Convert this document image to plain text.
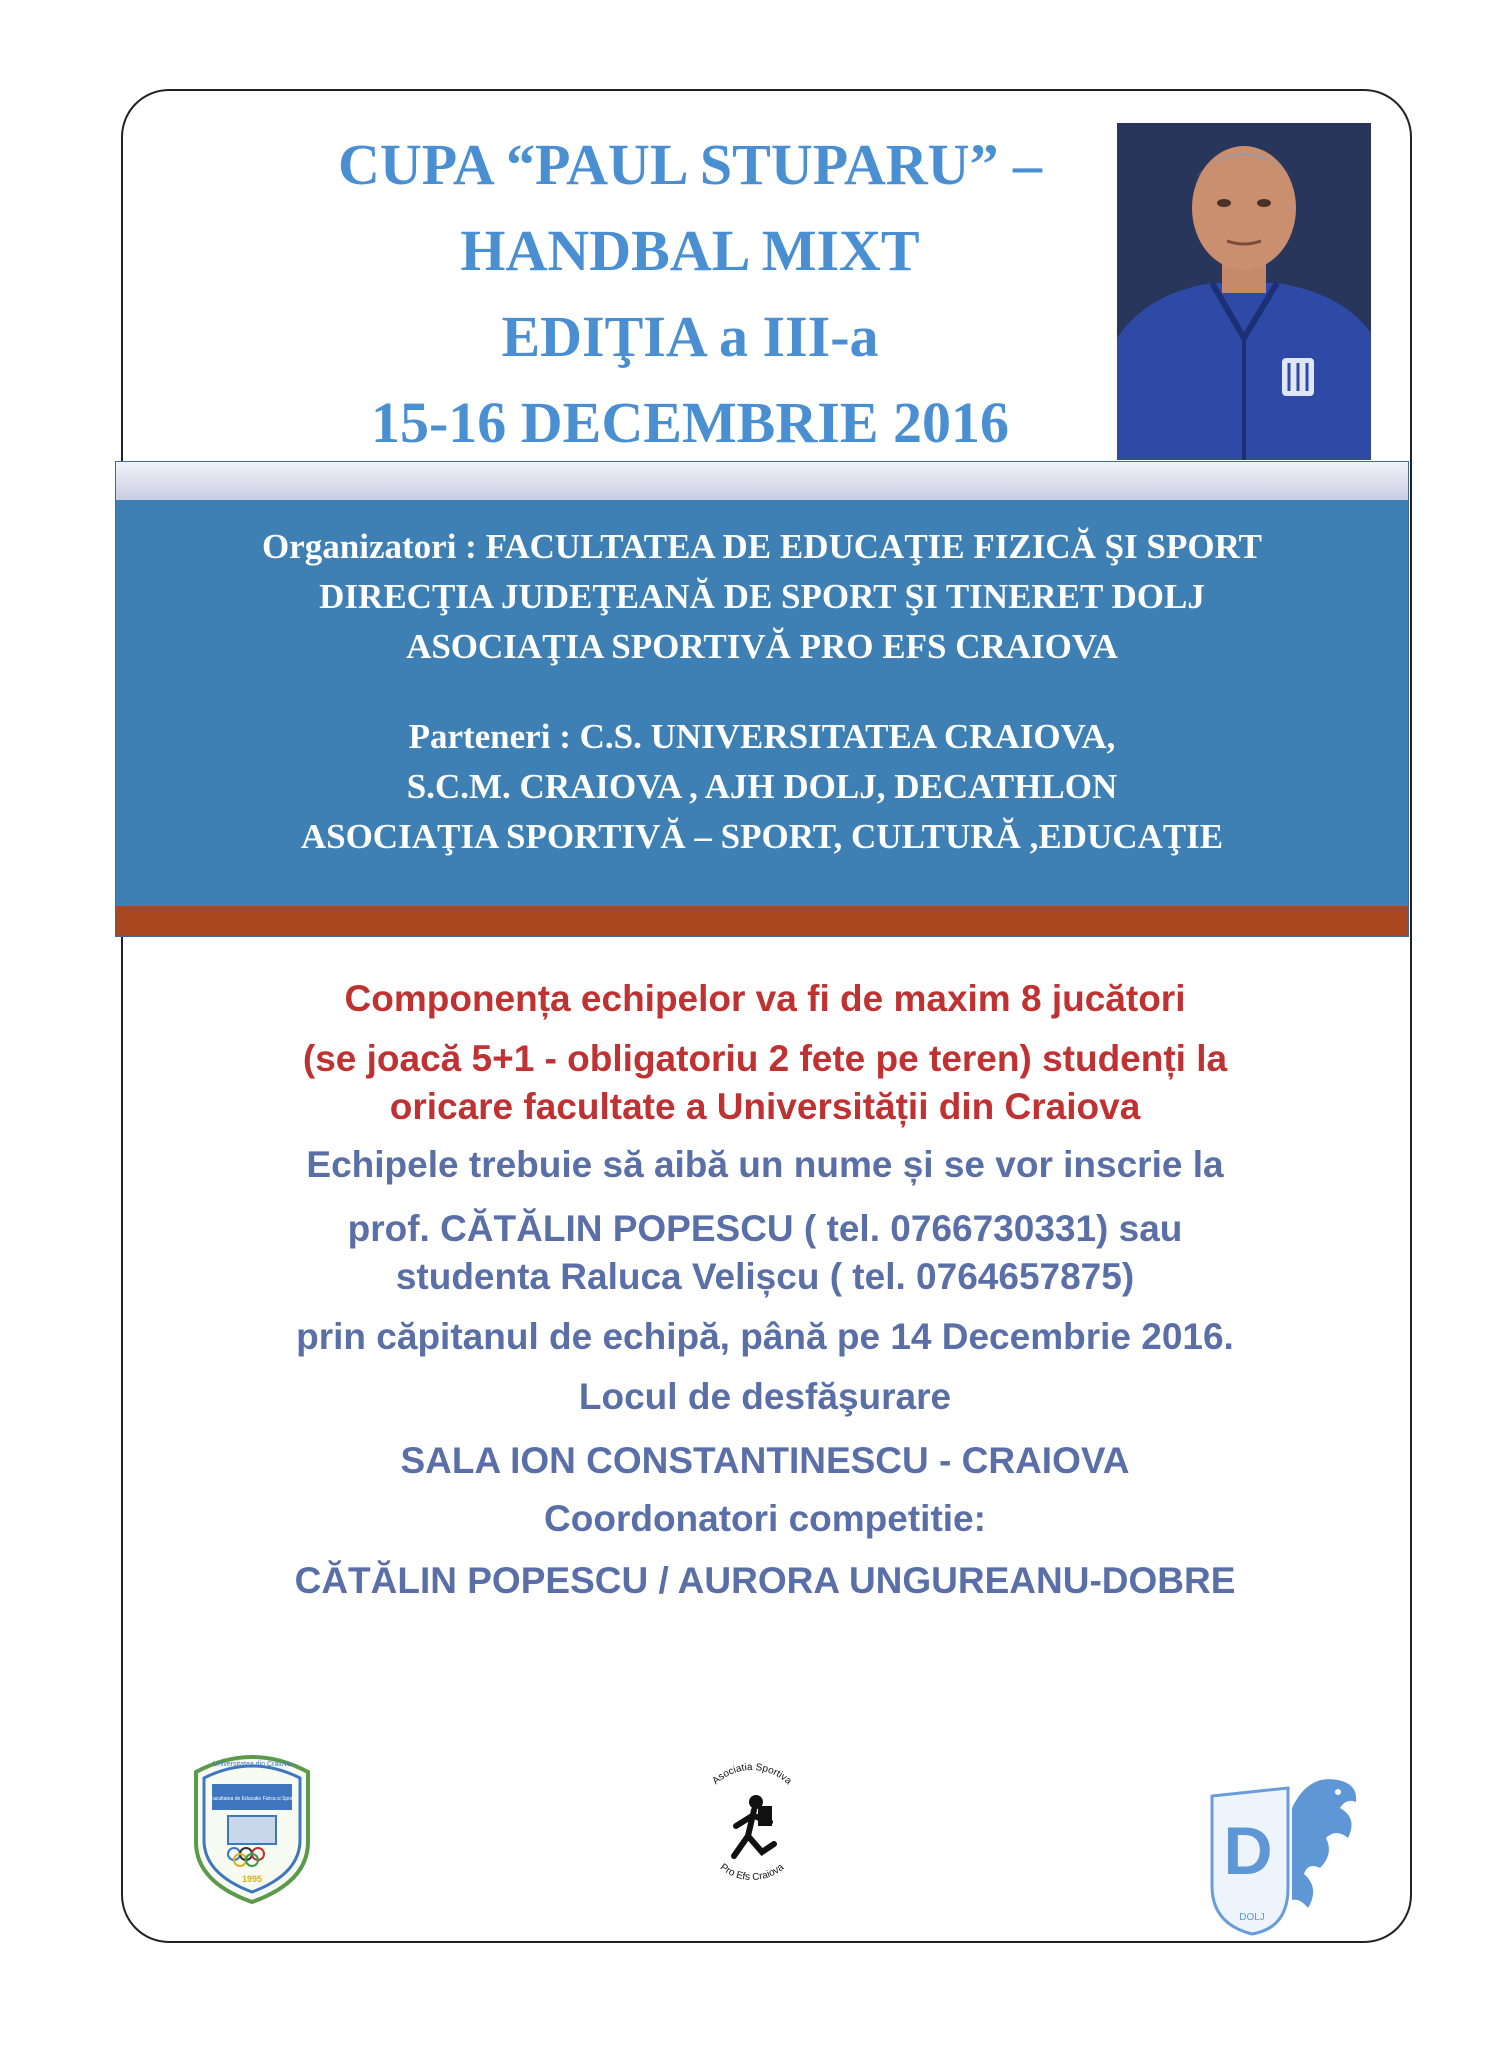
CUPA “PAUL STUPARU” –
HANDBAL MIXT
EDIŢIA a III-a
15-16 DECEMBRIE 2016
Organizatori : FACULTATEA DE EDUCAŢIE FIZICĂ ŞI SPORT
DIRECŢIA JUDEŢEANĂ DE SPORT ŞI TINERET DOLJ
ASOCIAŢIA SPORTIVĂ PRO EFS CRAIOVA
Parteneri : C.S. UNIVERSITATEA CRAIOVA,
S.C.M. CRAIOVA , AJH DOLJ, DECATHLON
ASOCIAŢIA SPORTIVĂ – SPORT, CULTURĂ ,EDUCAŢIE
Componența echipelor va fi de maxim 8 jucători
(se joacă 5+1 - obligatoriu 2 fete pe teren) studenți la
oricare facultate a Universității din Craiova
Echipele trebuie să aibă un nume și se vor inscrie la
prof. CĂTĂLIN POPESCU ( tel. 0766730331) sau
studenta Raluca Velișcu ( tel. 0764657875)
prin căpitanul de echipă, până pe 14 Decembrie 2016.
Locul de desfăşurare
SALA ION CONSTANTINESCU - CRAIOVA
Coordonatori competitie:
CĂTĂLIN POPESCU / AURORA UNGUREANU-DOBRE
Universitatea din Craiova
Facultatea de Educatie Fizica si Sport
1995
Asociatia Sportiva
Pro Efs Craiova	D
DOLJ
